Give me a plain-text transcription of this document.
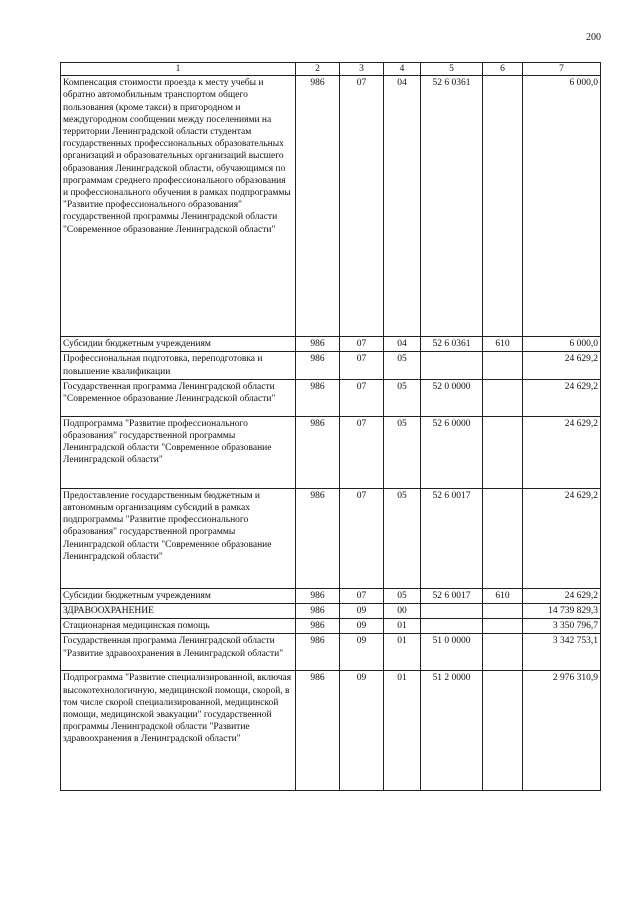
200
1	2	3	4	5	6	7
Компенсация стоимости проезда к месту учебы и обратно автомобильным транспортом общего пользования (кроме такси) в пригородном и междугородном сообщении между поселениями на территории Ленинградской области студентам государственных профессиональных образовательных организаций и образовательных организаций высшего образования Ленинградской области, обучающимся по программам среднего профессионального образования и профессионального обучения в рамках подпрограммы "Развитие профессионального образования" государственной программы Ленинградской области "Современное образование Ленинградской области"	986	07	04	52 6 0361		6 000,0
Субсидии бюджетным учреждениям	986	07	04	52 6 0361	610	6 000,0
Профессиональная подготовка, переподготовка и повышение квалификации	986	07	05			24 629,2
Государственная программа Ленинградской области "Современное образование Ленинградской области"	986	07	05	52 0 0000		24 629,2
Подпрограмма "Развитие профессионального образования" государственной программы Ленинградской области "Современное образование Ленинградской области"	986	07	05	52 6 0000		24 629,2
Предоставление государственным бюджетным и автономным организациям субсидий в рамках подпрограммы "Развитие профессионального образования" государственной программы Ленинградской области "Современное образование Ленинградской области"	986	07	05	52 6 0017		24 629,2
Субсидии бюджетным учреждениям	986	07	05	52 6 0017	610	24 629,2
ЗДРАВООХРАНЕНИЕ	986	09	00			14 739 829,3
Стационарная медицинская помощь	986	09	01			3 350 796,7
Государственная программа Ленинградской области "Развитие здравоохранения в Ленинградской области"	986	09	01	51 0 0000		3 342 753,1
Подпрограмма "Развитие специализированной, включая высокотехнологичную, медицинской помощи, скорой, в том числе скорой специализированной, медицинской помощи, медицинской эвакуации" государственной программы Ленинградской области "Развитие здравоохранения в Ленинградской области"	986	09	01	51 2 0000		2 976 310,9
